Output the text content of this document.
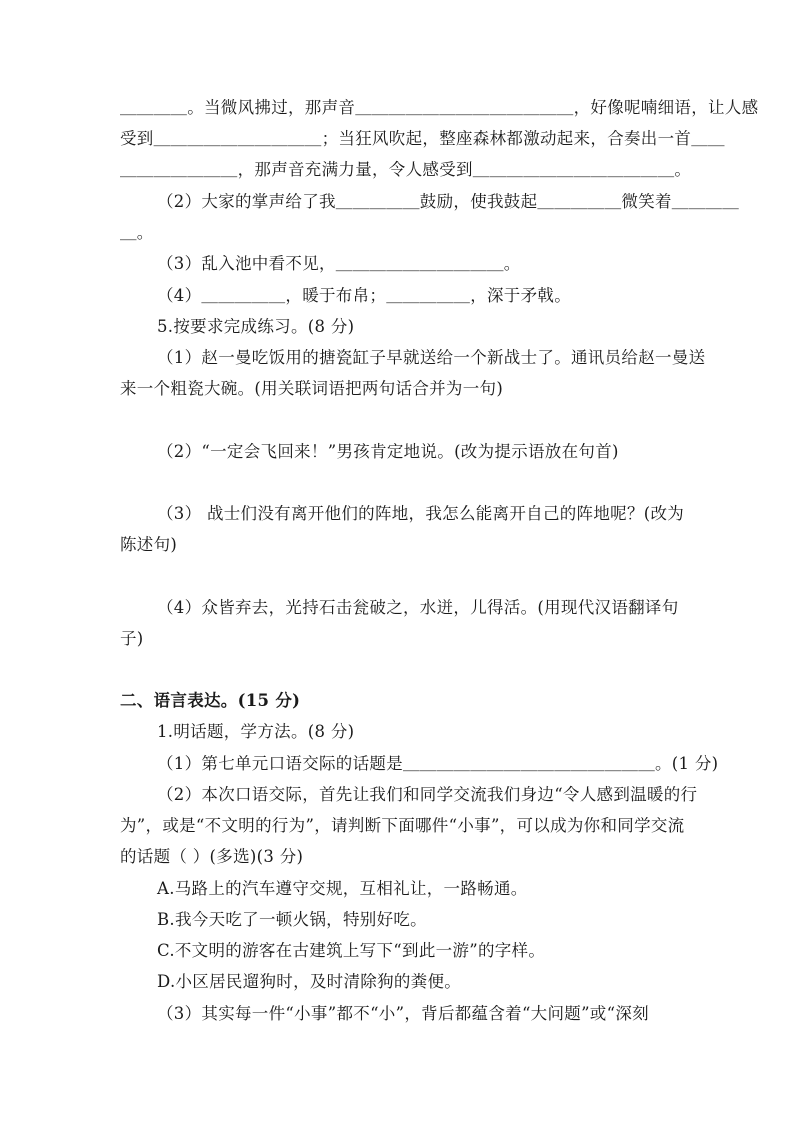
＿＿＿＿。当微风拂过，那声音＿＿＿＿＿＿＿＿＿＿＿＿＿，好像呢喃细语，让人感
受到＿＿＿＿＿＿＿＿＿＿；当狂风吹起，整座森林都激动起来，合奏出一首＿＿
＿＿＿＿＿＿＿，那声音充满力量，令人感受到＿＿＿＿＿＿＿＿＿＿＿＿。
（2）大家的掌声给了我＿＿＿＿＿鼓励，使我鼓起＿＿＿＿＿微笑着＿＿＿＿
＿。
（3）乱入池中看不见，＿＿＿＿＿＿＿＿＿＿。
（4）＿＿＿＿＿，暖于布帛；＿＿＿＿＿，深于矛戟。
5.按要求完成练习。(8 分)
（1）赵一曼吃饭用的搪瓷缸子早就送给一个新战士了。通讯员给赵一曼送
来一个粗瓷大碗。(用关联词语把两句话合并为一句)
（2）“一定会飞回来！”男孩肯定地说。(改为提示语放在句首)
（3） 战士们没有离开他们的阵地，我怎么能离开自己的阵地呢？(改为
陈述句)
（4）众皆弃去，光持石击瓮破之，水迸，儿得活。(用现代汉语翻译句
子)
二、语言表达。(15 分)
1.明话题，学方法。(8 分)
（1）第七单元口语交际的话题是＿＿＿＿＿＿＿＿＿＿＿＿＿＿＿。(1 分)
（2）本次口语交际，首先让我们和同学交流我们身边“令人感到温暖的行
为”，或是“不文明的行为”，请判断下面哪件“小事”，可以成为你和同学交流
的话题（ ）(多选)(3 分)
A.马路上的汽车遵守交规，互相礼让，一路畅通。
B.我今天吃了一顿火锅，特别好吃。
C.不文明的游客在古建筑上写下“到此一游”的字样。
D.小区居民遛狗时，及时清除狗的粪便。
（3）其实每一件“小事”都不“小”，背后都蕴含着“大问题”或“深刻
